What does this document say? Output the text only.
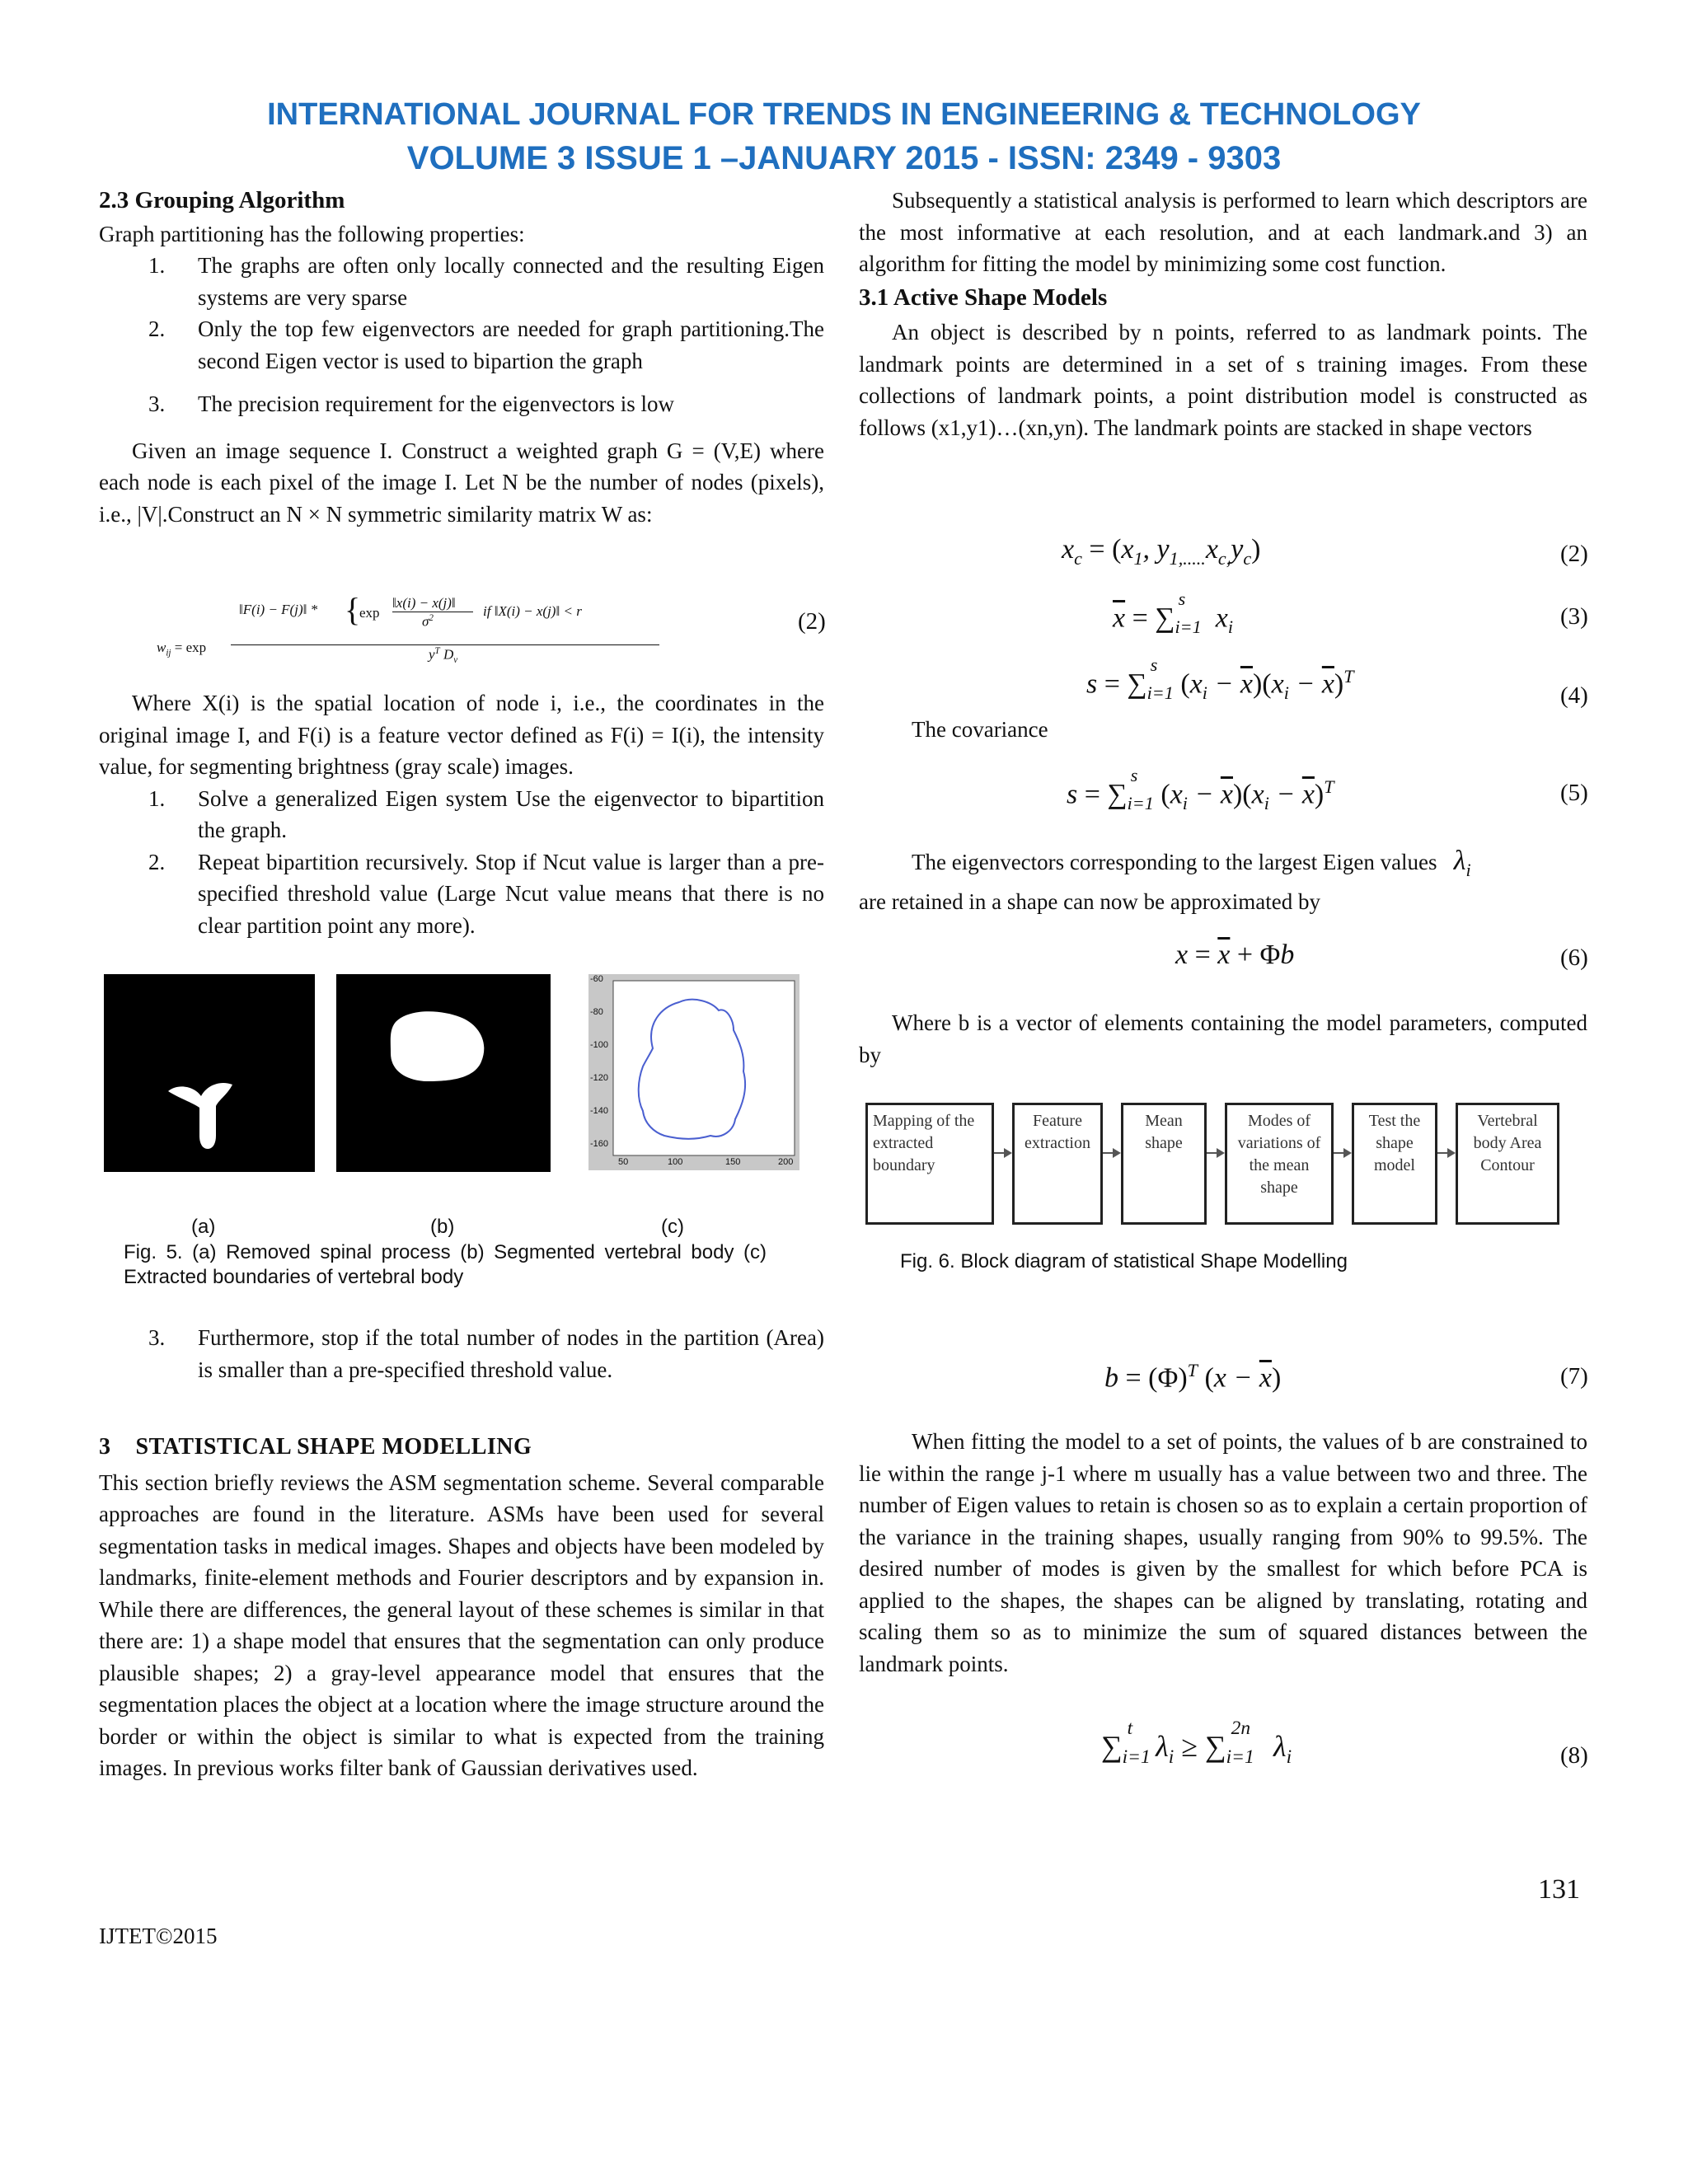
INTERNATIONAL JOURNAL FOR TRENDS IN ENGINEERING & TECHNOLOGY
VOLUME 3 ISSUE 1 –JANUARY 2015 - ISSN: 2349 - 9303

2.3 Grouping Algorithm

Graph partitioning has the following properties:

1. The graphs are often only locally connected and the resulting Eigen systems are very sparse
2. Only the top few eigenvectors are needed for graph partitioning.The second Eigen vector is used to bipartion the graph
3. The precision requirement for the eigenvectors is low

Given an image sequence I. Construct a weighted graph G = (V,E) where each node is each pixel of the image I. Let N be the number of nodes (pixels), i.e., |V|.Construct an N × N symmetric similarity matrix W as:

‖F(i) − F(j)‖ * {
exp
‖x(i) − x(j)‖
$\sigma^2$	if ‖X(i) − x(j)‖ < r
$w_{ij} = \exp$	$y^T$ $D_v$
(2)

Where X(i) is the spatial location of node i, i.e., the coordinates in the original image I, and F(i) is a feature vector defined as F(i) = I(i), the intensity value, for segmenting brightness (gray scale) images.

1. Solve a generalized Eigen system Use the eigenvector to bipartition the graph.
2. Repeat bipartition recursively. Stop if Ncut value is larger than a pre-specified threshold value (Large Ncut value means that there is no clear partition point any more).
-60
-80
-100
-120
-140
-160
50	100	150	200
(a)	(b)	(c)
Fig. 5. (a) Removed spinal process (b) Segmented vertebral body (c) Extracted boundaries of vertebral body
3. Furthermore, stop if the total number of nodes in the partition (Area) is smaller than a pre-specified threshold value.

3 STATISTICAL SHAPE MODELLING

This section briefly reviews the ASM segmentation scheme. Several comparable approaches are found in the literature. ASMs have been used for several segmentation tasks in medical images. Shapes and objects have been modeled by landmarks, finite-element methods and Fourier descriptors and by expansion in. While there are differences, the general layout of these schemes is similar in that there are: 1) a shape model that ensures that the segmentation can only produce plausible shapes; 2) a gray-level appearance model that ensures that the segmentation places the object at a location where the image structure around the border or within the object is similar to what is expected from the training images. In previous works filter bank of Gaussian derivatives used.

Subsequently a statistical analysis is performed to learn which descriptors are the most informative at each resolution, and at each landmark.and 3) an algorithm for fitting the model by minimizing some cost function.

3.1 Active Shape Models

An object is described by n points, referred to as landmark points. The landmark points are determined in a set of s training images. From these collections of landmark points, a point distribution model is constructed as follows (x1,y1)…(xn,yn). The landmark points are stacked in shape vectors

$x_c = (x_1$, $y_{1,.....}x_{c,}y_c$)	(2)
$\overline{x} = \sum_{i=1}^s$ $x_i$	(3)
$s = \sum_{i=1}^s(x_i - \overline{x})(x_i - \overline{x})^T$
(4)

The covariance

$s = \sum_{i=1}^s(x_i - \overline{x})(x_i - \overline{x})^T$	(5)

The eigenvectors corresponding to the largest Eigen values $\lambda_i$
are retained in a shape can now be approximated by

$x = \overline{x} + \Phi b$	(6)

Where b is a vector of elements containing the model parameters, computed by

Mapping of the extracted boundary
Feature extraction
Mean shape
Modes of variations of the mean shape
Test the shape model
Vertebral body Area Contour
Fig. 6. Block diagram of statistical Shape Modelling
$b = (\Phi)^T$ $(x - \overline{x})$	(7)

When fitting the model to a set of points, the values of b are constrained to lie within the range j-1 where m usually has a value between two and three. The number of Eigen values to retain is chosen so as to explain a certain proportion of the variance in the training shapes, usually ranging from 90% to 99.5%. The desired number of modes is given by the smallest for which before PCA is applied to the shapes, the shapes can be aligned by translating, rotating and scaling them so as to minimize the sum of squared distances between the landmark points.

$\sum_{i=1}^t\lambda_i \ge \sum_{i=1}^{2n}\lambda_i$	(8)
131
IJTET©2015
